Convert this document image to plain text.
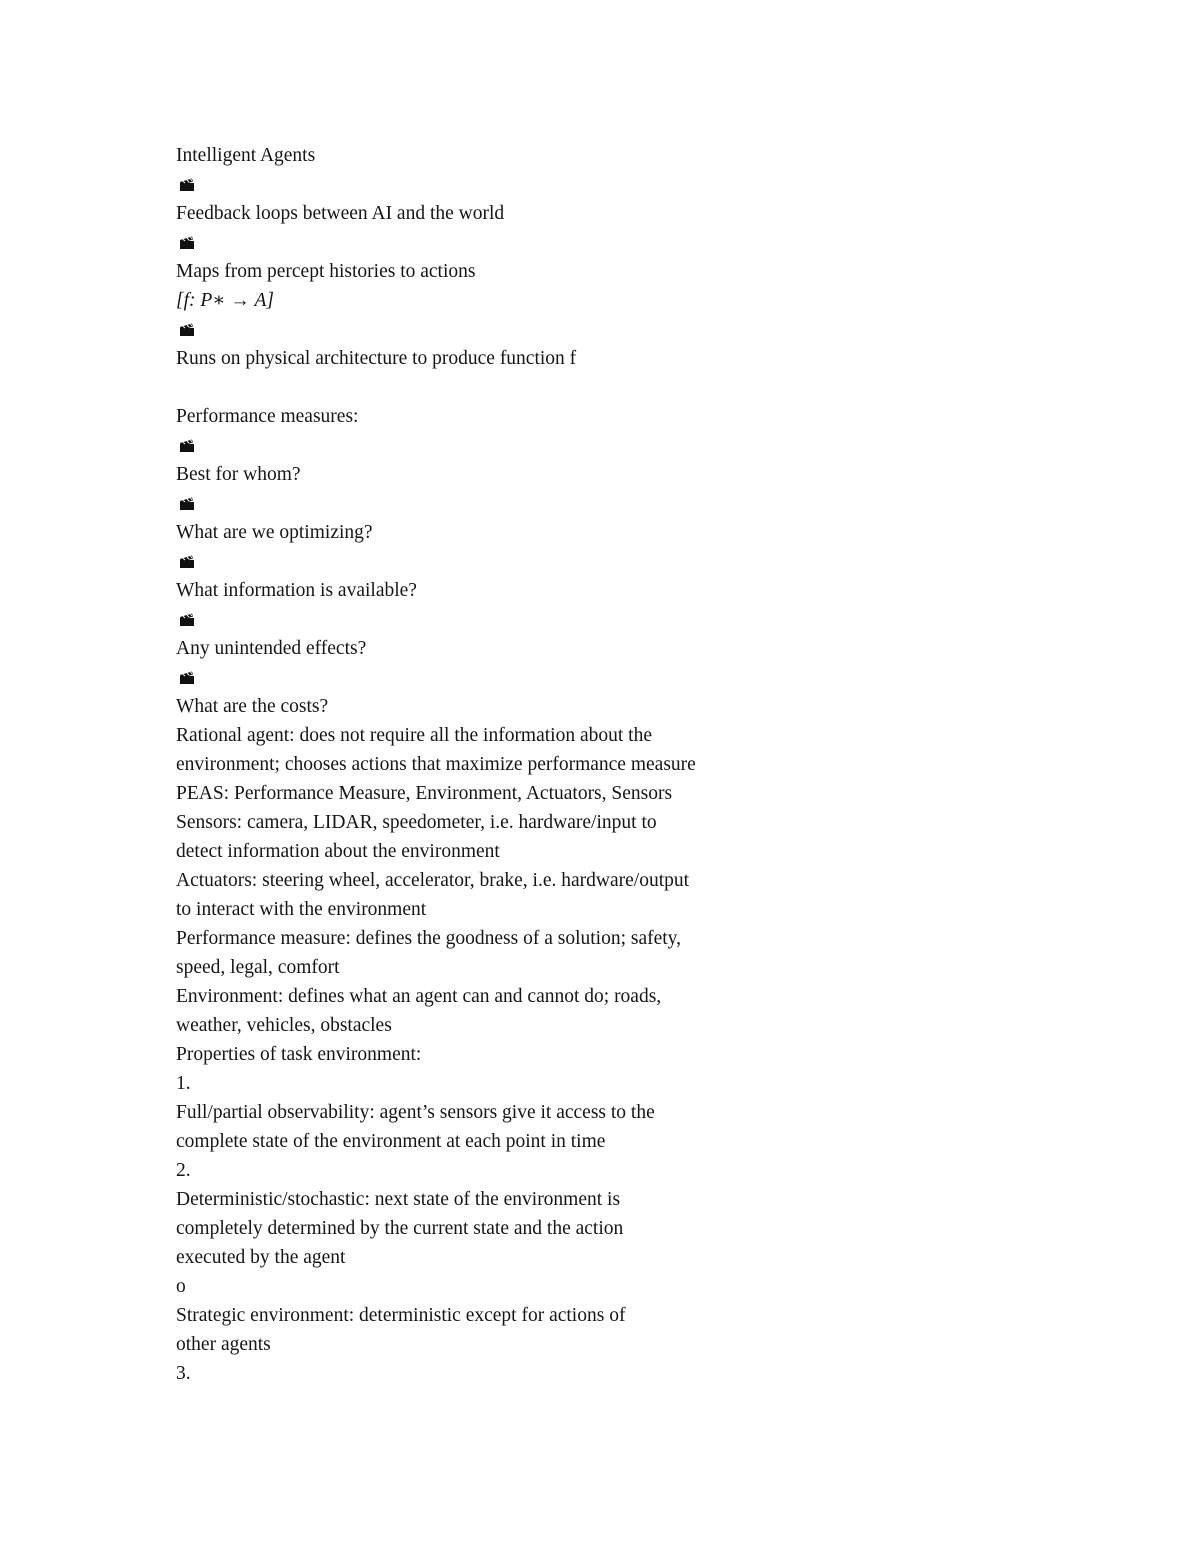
Intelligent Agents
Feedback loops between AI and the world
Maps from percept histories to actions
[f: P∗ → A]
Runs on physical architecture to produce function f
Performance measures:
Best for whom?
What are we optimizing?
What information is available?
Any unintended effects?
What are the costs?
Rational agent: does not require all the information about the
environment; chooses actions that maximize performance measure
PEAS: Performance Measure, Environment, Actuators, Sensors
Sensors: camera, LIDAR, speedometer, i.e. hardware/input to
detect information about the environment
Actuators: steering wheel, accelerator, brake, i.e. hardware/output
to interact with the environment
Performance measure: defines the goodness of a solution; safety,
speed, legal, comfort
Environment: defines what an agent can and cannot do; roads,
weather, vehicles, obstacles
Properties of task environment:
1.
Full/partial observability: agent’s sensors give it access to the
complete state of the environment at each point in time
2.
Deterministic/stochastic: next state of the environment is
completely determined by the current state and the action
executed by the agent
o
Strategic environment: deterministic except for actions of
other agents
3.
